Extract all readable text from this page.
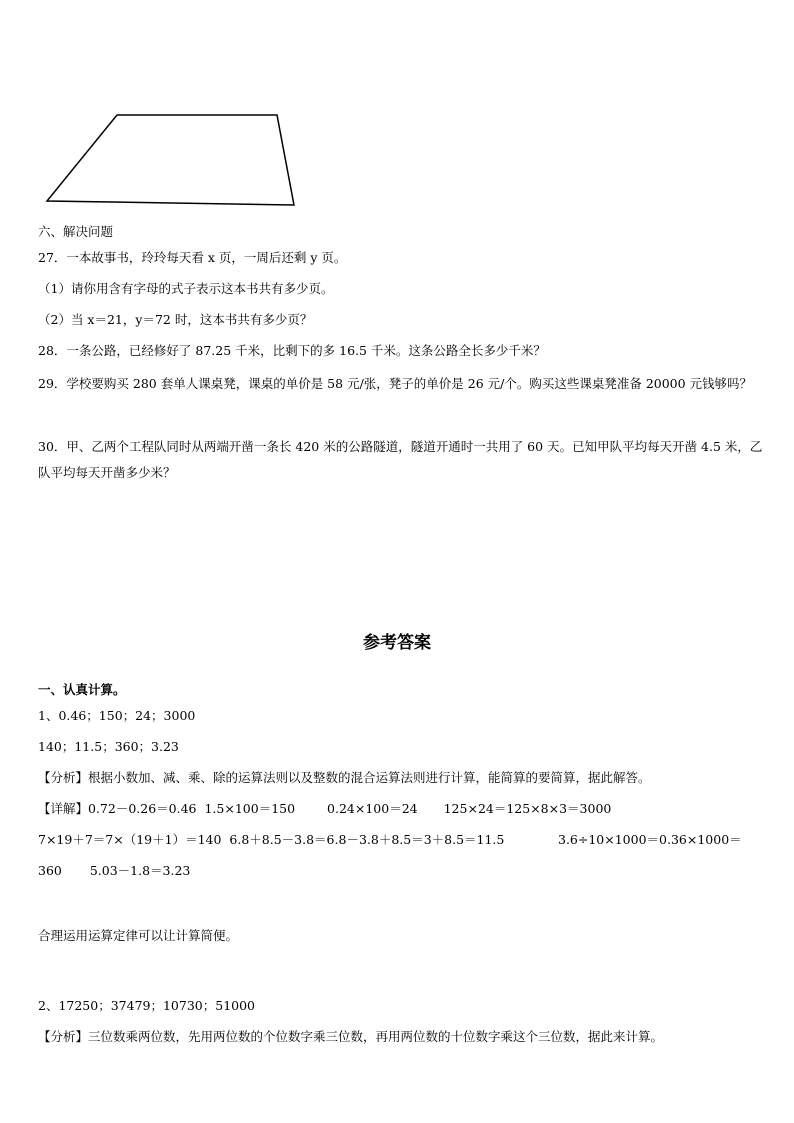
六、解决问题
27．一本故事书，玲玲每天看 x 页，一周后还剩 y 页。
（1）请你用含有字母的式子表示这本书共有多少页。
（2）当 x＝21，y＝72 时，这本书共有多少页？
28．一条公路，已经修好了 87.25 千米，比剩下的多 16.5 千米。这条公路全长多少千米？
29．学校要购买 280 套单人课桌凳，课桌的单价是 58 元/张，凳子的单价是 26 元/个。购买这些课桌凳准备 20000 元钱够吗？
30．甲、乙两个工程队同时从两端开凿一条长 420 米的公路隧道，隧道开通时一共用了 60 天。已知甲队平均每天开凿 4.5 米，乙队平均每天开凿多少米？
参考答案
一、认真计算。
1、0.46；150；24；3000
140；11.5；360；3.23
【分析】根据小数加、减、乘、除的运算法则以及整数的混合运算法则进行计算，能简算的要简算，据此解答。
【详解】0.72－0.26＝0.46 1.5×100＝150	0.24×100＝24 125×24＝125×8×3＝3000
7×19＋7＝7×（19＋1）＝140 6.8＋8.5－3.8＝6.8－3.8＋8.5＝3＋8.5＝11.5	3.6÷10×1000＝0.36×1000＝
360 5.03－1.8＝3.23
合理运用运算定律可以让计算简便。
2、17250；37479；10730；51000
【分析】三位数乘两位数，先用两位数的个位数字乘三位数，再用两位数的十位数字乘这个三位数，据此来计算。
